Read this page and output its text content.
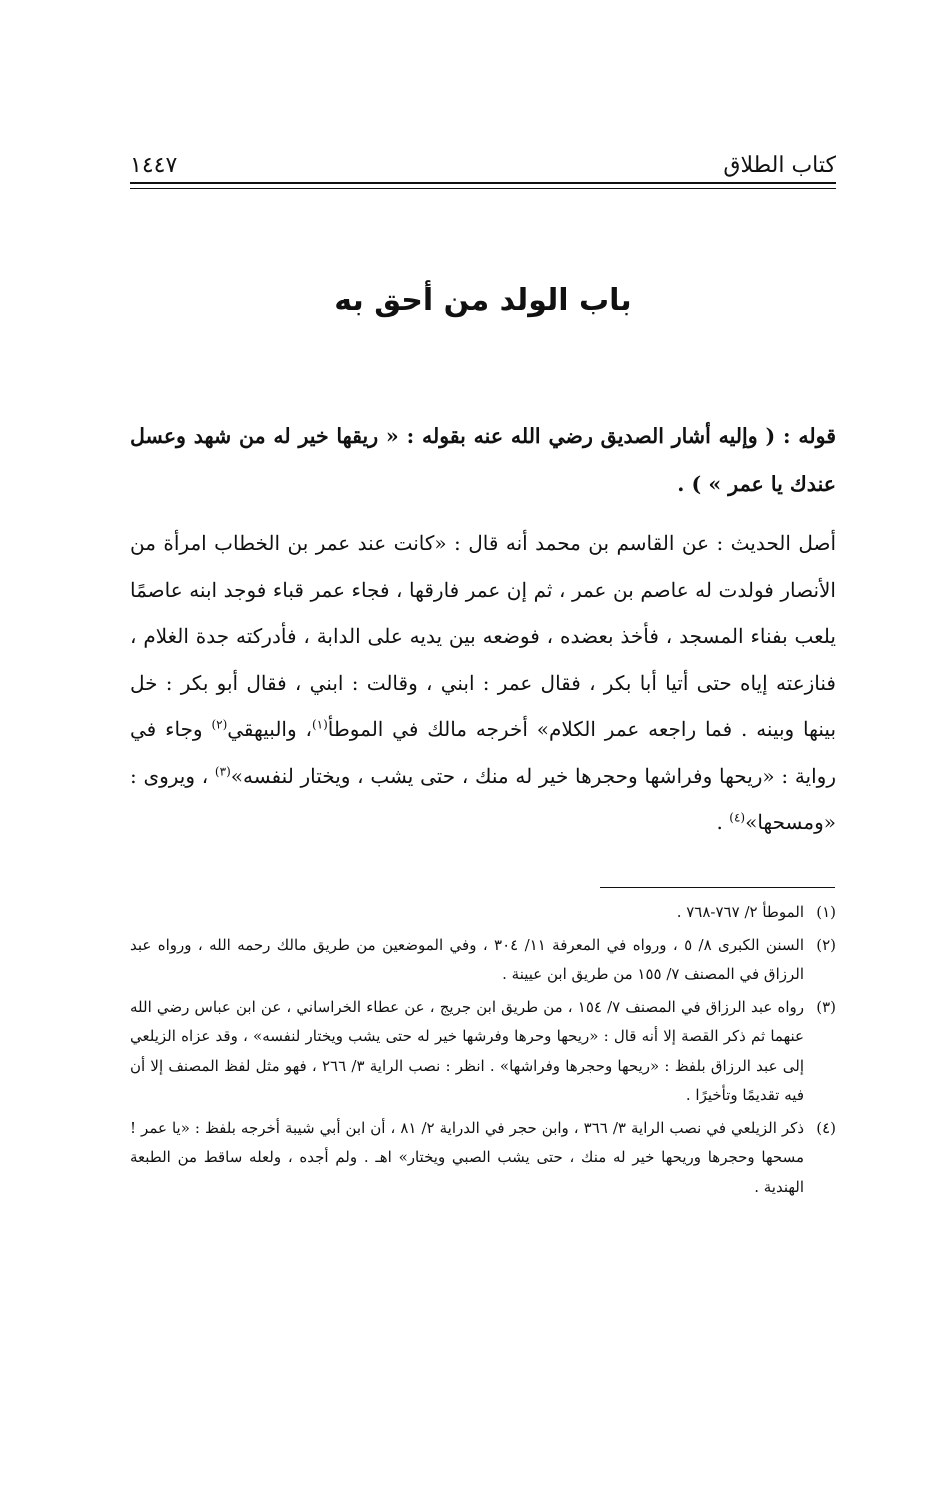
كتاب الطلاق
١٤٤٧
باب الولد من أحق به
قوله : ( وإليه أشار الصديق رضي الله عنه بقوله : « ريقها خير له من شهد وعسل عندك يا عمر » ) .
أصل الحديث : عن القاسم بن محمد أنه قال : «كانت عند عمر بن الخطاب امرأة من الأنصار فولدت له عاصم بن عمر ، ثم إن عمر فارقها ، فجاء عمر قباء فوجد ابنه عاصمًا يلعب بفناء المسجد ، فأخذ بعضده ، فوضعه بين يديه على الدابة ، فأدركته جدة الغلام ، فنازعته إياه حتى أتيا أبا بكر ، فقال عمر : ابني ، وقالت : ابني ، فقال أبو بكر : خل بينها وبينه . فما راجعه عمر الكلام» أخرجه مالك في الموطأ$^{(١)}$، والبيهقي$^{(٢)}$ وجاء في رواية : «ريحها وفراشها وحجرها خير له منك ، حتى يشب ، ويختار لنفسه»$^{(٣)}$ ، ويروى : «ومسحها»$^{(٤)}$ .
(١)
الموطأ ٢/ ٧٦٧-٧٦٨ .
(٢)
السنن الكبرى ٨/ ٥ ، ورواه في المعرفة ١١/ ٣٠٤ ، وفي الموضعين من طريق مالك رحمه الله ، ورواه عبد الرزاق في المصنف ٧/ ١٥٥ من طريق ابن عيينة .
(٣)
رواه عبد الرزاق في المصنف ٧/ ١٥٤ ، من طريق ابن جريج ، عن عطاء الخراساني ، عن ابن عباس رضي الله عنهما ثم ذكر القصة إلا أنه قال : «ريحها وحرها وفرشها خير له حتى يشب ويختار لنفسه» ، وقد عزاه الزيلعي إلى عبد الرزاق بلفظ : «ريحها وحجرها وفراشها» . انظر : نصب الراية ٣/ ٢٦٦ ، فهو مثل لفظ المصنف إلا أن فيه تقديمًا وتأخيرًا .
(٤)
ذكر الزيلعي في نصب الراية ٣/ ٣٦٦ ، وابن حجر في الدراية ٢/ ٨١ ، أن ابن أبي شيبة أخرجه بلفظ : «يا عمر ! مسحها وحجرها وريحها خير له منك ، حتى يشب الصبي ويختار» اهـ . ولم أجده ، ولعله ساقط من الطبعة الهندية .
